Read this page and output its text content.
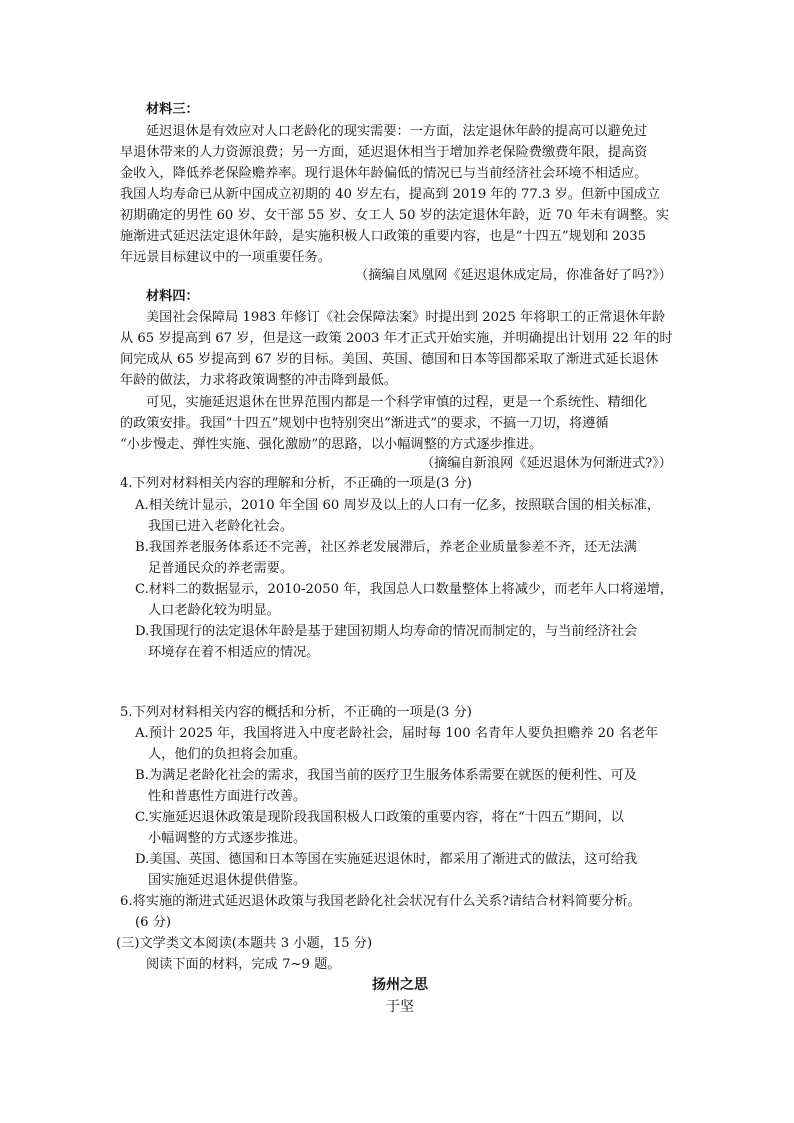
材料三：
延迟退休是有效应对人口老龄化的现实需要：一方面，法定退休年龄的提高可以避免过
早退休带来的人力资源浪费；另一方面，延迟退休相当于增加养老保险费缴费年限，提高资
金收入，降低养老保险赡养率。现行退休年龄偏低的情况已与当前经济社会环境不相适应。
我国人均寿命已从新中国成立初期的 40 岁左右，提高到 2019 年的 77.3 岁。但新中国成立
初期确定的男性 60 岁、女干部 55 岁、女工人 50 岁的法定退休年龄，近 70 年未有调整。实
施渐进式延迟法定退休年龄，是实施积极人口政策的重要内容，也是“十四五”规划和 2035
年远景目标建议中的一项重要任务。
（摘编自凤凰网《延迟退休成定局，你准备好了吗?》）
材料四：
美国社会保障局 1983 年修订《社会保障法案》时提出到 2025 年将职工的正常退休年龄
从 65 岁提高到 67 岁，但是这一政策 2003 年才正式开始实施，并明确提出计划用 22 年的时
间完成从 65 岁提高到 67 岁的目标。美国、英国、德国和日本等国都采取了渐进式延长退休
年龄的做法，力求将政策调整的冲击降到最低。
可见，实施延迟退休在世界范围内都是一个科学审慎的过程，更是一个系统性、精细化
的政策安排。我国“十四五”规划中也特别突出“渐进式”的要求，不搞一刀切，将遵循
“小步慢走、弹性实施、强化激励”的思路，以小幅调整的方式逐步推进。
（摘编自新浪网《延迟退休为何渐进式?》）
4.下列对材料相关内容的理解和分析，不正确的一项是(3 分)
A.相关统计显示，2010 年全国 60 周岁及以上的人口有一亿多，按照联合国的相关标准，
我国已进入老龄化社会。
B.我国养老服务体系还不完善，社区养老发展滞后，养老企业质量参差不齐，还无法满
足普通民众的养老需要。
C.材料二的数据显示，2010-2050 年，我国总人口数量整体上将减少，而老年人口将递增，
人口老龄化较为明显。
D.我国现行的法定退休年龄是基于建国初期人均寿命的情况而制定的，与当前经济社会
环境存在着不相适应的情况。
5.下列对材料相关内容的概括和分析，不正确的一项是(3 分)
A.预计 2025 年，我国将进入中度老龄社会，届时每 100 名青年人要负担赡养 20 名老年
人，他们的负担将会加重。
B.为满足老龄化社会的需求，我国当前的医疗卫生服务体系需要在就医的便利性、可及
性和普惠性方面进行改善。
C.实施延迟退休政策是现阶段我国积极人口政策的重要内容，将在“十四五”期间，以
小幅调整的方式逐步推进。
D.美国、英国、德国和日本等国在实施延迟退休时，都采用了渐进式的做法，这可给我
国实施延迟退休提供借鉴。
6.将实施的渐进式延迟退休政策与我国老龄化社会状况有什么关系?请结合材料简要分析。
(6 分)
(三)文学类文本阅读(本题共 3 小题，15 分)
阅读下面的材料，完成 7~9 题。
扬州之思
于坚
